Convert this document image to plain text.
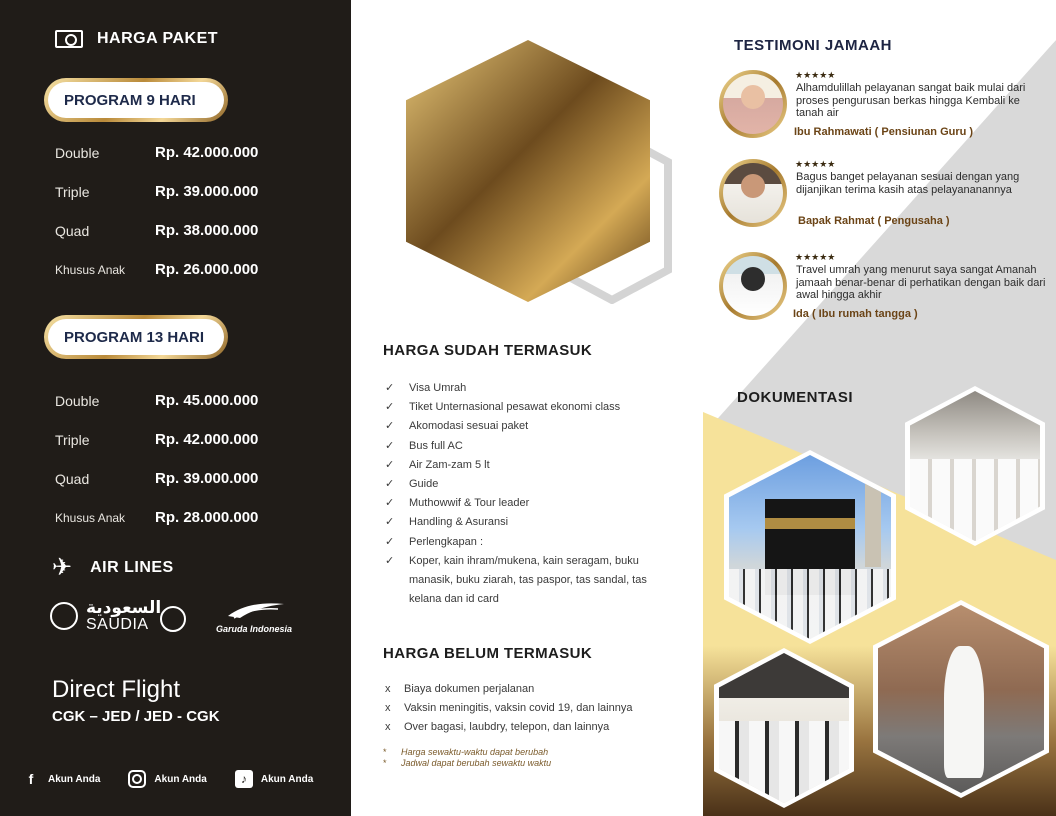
HARGA PAKET
PROGRAM 9 HARI
Double	Rp. 42.000.000
Triple	Rp. 39.000.000
Quad	Rp. 38.000.000
Khusus Anak	Rp. 26.000.000
PROGRAM 13 HARI
Double	Rp. 45.000.000
Triple	Rp. 42.000.000
Quad	Rp. 39.000.000
Khusus Anak	Rp. 28.000.000
✈ AIR LINES
السعودية
SAUDIA	Garuda Indonesia
Direct Flight
CGK – JED / JED - CGK
f	Akun Anda	Akun Anda	♪	Akun Anda
HARGA SUDAH TERMASUK
✓	Visa Umrah
✓	Tiket Unternasional pesawat ekonomi class
✓	Akomodasi sesuai paket
✓	Bus full AC
✓	Air Zam-zam 5 lt
✓	Guide
✓	Muthowwif & Tour leader
✓	Handling & Asuransi
✓	Perlengkapan :
✓	Koper, kain ihram/mukena, kain seragam, buku manasik, buku ziarah, tas paspor, tas sandal, tas kelana dan id card
HARGA BELUM TERMASUK
x	Biaya dokumen perjalanan
x	Vaksin meningitis, vaksin covid 19, dan lainnya
x	Over bagasi, laubdry, telepon, dan lainnya
* Harga sewaktu-waktu dapat berubah
* Jadwal dapat berubah sewaktu waktu
TESTIMONI JAMAAH
★★★★★
Alhamdulillah pelayanan sangat baik mulai dari proses pengurusan berkas hingga Kembali ke tanah air
Ibu Rahmawati ( Pensiunan Guru )
★★★★★
Bagus banget pelayanan sesuai dengan yang dijanjikan terima kasih atas pelayananannya
Bapak Rahmat ( Pengusaha )
★★★★★
Travel umrah yang menurut saya sangat Amanah jamaah benar-benar di perhatikan dengan baik dari awal hingga akhir
Ida ( Ibu rumah tangga )
DOKUMENTASI
